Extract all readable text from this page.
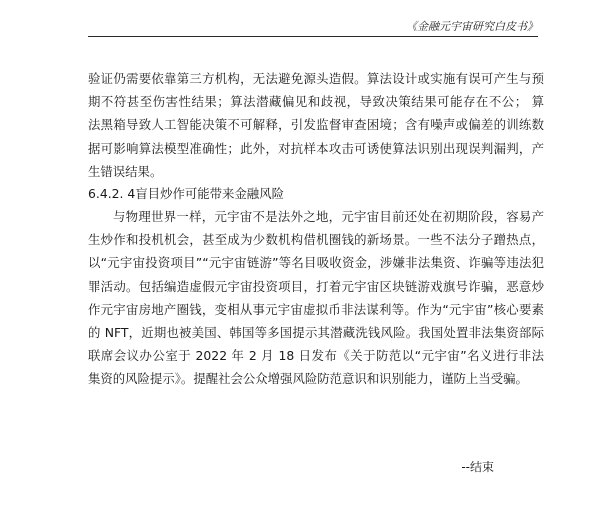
《金融元宇宙研究白皮书》
验证仍需要依靠第三方机构，无法避免源头造假。算法设计或实施有误可产生与预
期不符甚至伤害性结果；算法潜藏偏见和歧视，导致决策结果可能存在不公； 算
法黑箱导致人工智能决策不可解释，引发监督审查困境；含有噪声或偏差的训练数
据可影响算法模型准确性；此外，对抗样本攻击可诱使算法识别出现误判漏判，产
生错误结果。
6.4.2. 4盲目炒作可能带来金融风险
与物理世界一样，元宇宙不是法外之地，元宇宙目前还处在初期阶段，容易产
生炒作和投机机会，甚至成为少数机构借机圈钱的新场景。一些不法分子蹭热点，
以“元宇宙投资项目”“元宇宙链游”等名目吸收资金，涉嫌非法集资、诈骗等违法犯
罪活动。包括编造虚假元宇宙投资项目，打着元宇宙区块链游戏旗号诈骗，恶意炒
作元宇宙房地产圈钱，变相从事元宇宙虚拟币非法谋利等。作为“元宇宙”核心要素
的 NFT，近期也被美国、韩国等多国提示其潜藏洗钱风险。我国处置非法集资部际
联席会议办公室于 2022 年 2 月 18 日发布《关于防范以“元宇宙”名义进行非法
集资的风险提示》。提醒社会公众增强风险防范意识和识别能力，谨防上当受骗。
--结束
